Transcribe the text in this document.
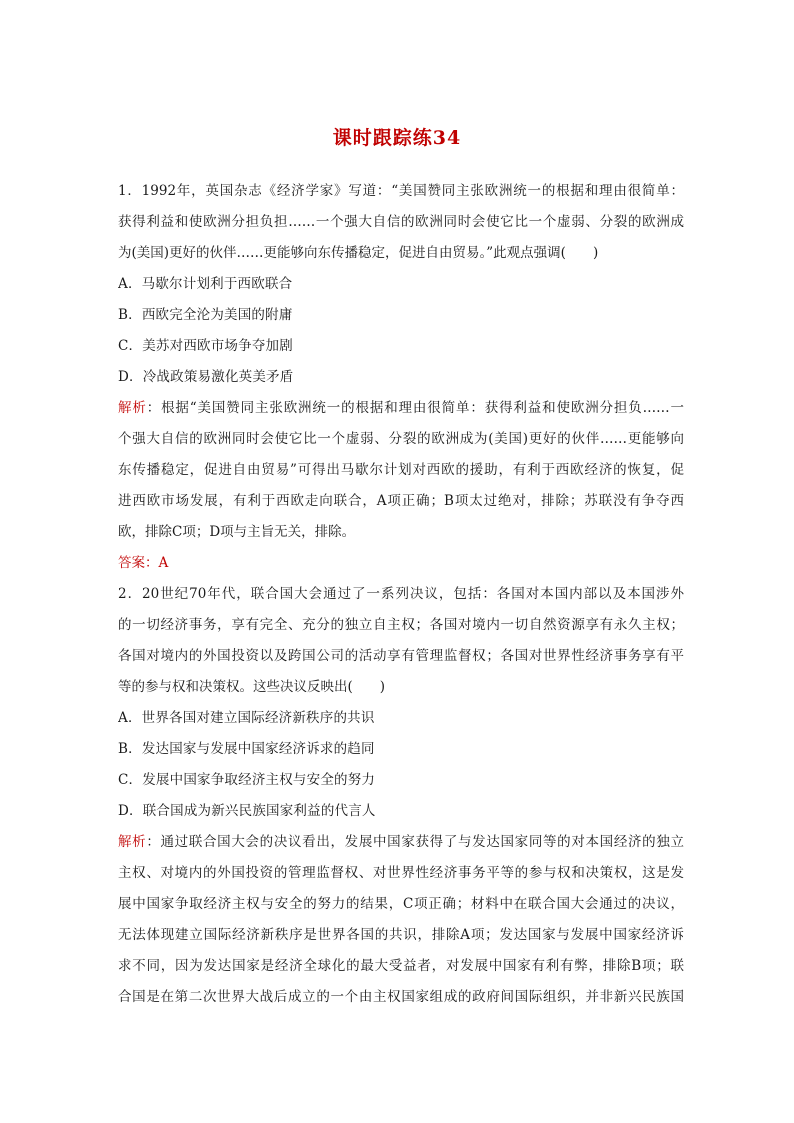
课时跟踪练34
1．1992年，英国杂志《经济学家》写道：“美国赞同主张欧洲统一的根据和理由很简单：
获得利益和使欧洲分担负担……一个强大自信的欧洲同时会使它比一个虚弱、分裂的欧洲成
为(美国)更好的伙伴……更能够向东传播稳定，促进自由贸易。”此观点强调(　　)
A．马歇尔计划利于西欧联合
B．西欧完全沦为美国的附庸
C．美苏对西欧市场争夺加剧
D．冷战政策易激化英美矛盾
解析：根据“美国赞同主张欧洲统一的根据和理由很简单：获得利益和使欧洲分担负……一
个强大自信的欧洲同时会使它比一个虚弱、分裂的欧洲成为(美国)更好的伙伴……更能够向
东传播稳定，促进自由贸易”可得出马歇尔计划对西欧的援助，有利于西欧经济的恢复，促
进西欧市场发展，有利于西欧走向联合，A项正确；B项太过绝对，排除；苏联没有争夺西
欧，排除C项；D项与主旨无关，排除。
答案：A
2．20世纪70年代，联合国大会通过了一系列决议，包括：各国对本国内部以及本国涉外
的一切经济事务，享有完全、充分的独立自主权；各国对境内一切自然资源享有永久主权；
各国对境内的外国投资以及跨国公司的活动享有管理监督权；各国对世界性经济事务享有平
等的参与权和决策权。这些决议反映出(　　)
A．世界各国对建立国际经济新秩序的共识
B．发达国家与发展中国家经济诉求的趋同
C．发展中国家争取经济主权与安全的努力
D．联合国成为新兴民族国家利益的代言人
解析：通过联合国大会的决议看出，发展中国家获得了与发达国家同等的对本国经济的独立
主权、对境内的外国投资的管理监督权、对世界性经济事务平等的参与权和决策权，这是发
展中国家争取经济主权与安全的努力的结果，C项正确；材料中在联合国大会通过的决议，
无法体现建立国际经济新秩序是世界各国的共识，排除A项；发达国家与发展中国家经济诉
求不同，因为发达国家是经济全球化的最大受益者，对发展中国家有利有弊，排除B项；联
合国是在第二次世界大战后成立的一个由主权国家组成的政府间国际组织，并非新兴民族国
